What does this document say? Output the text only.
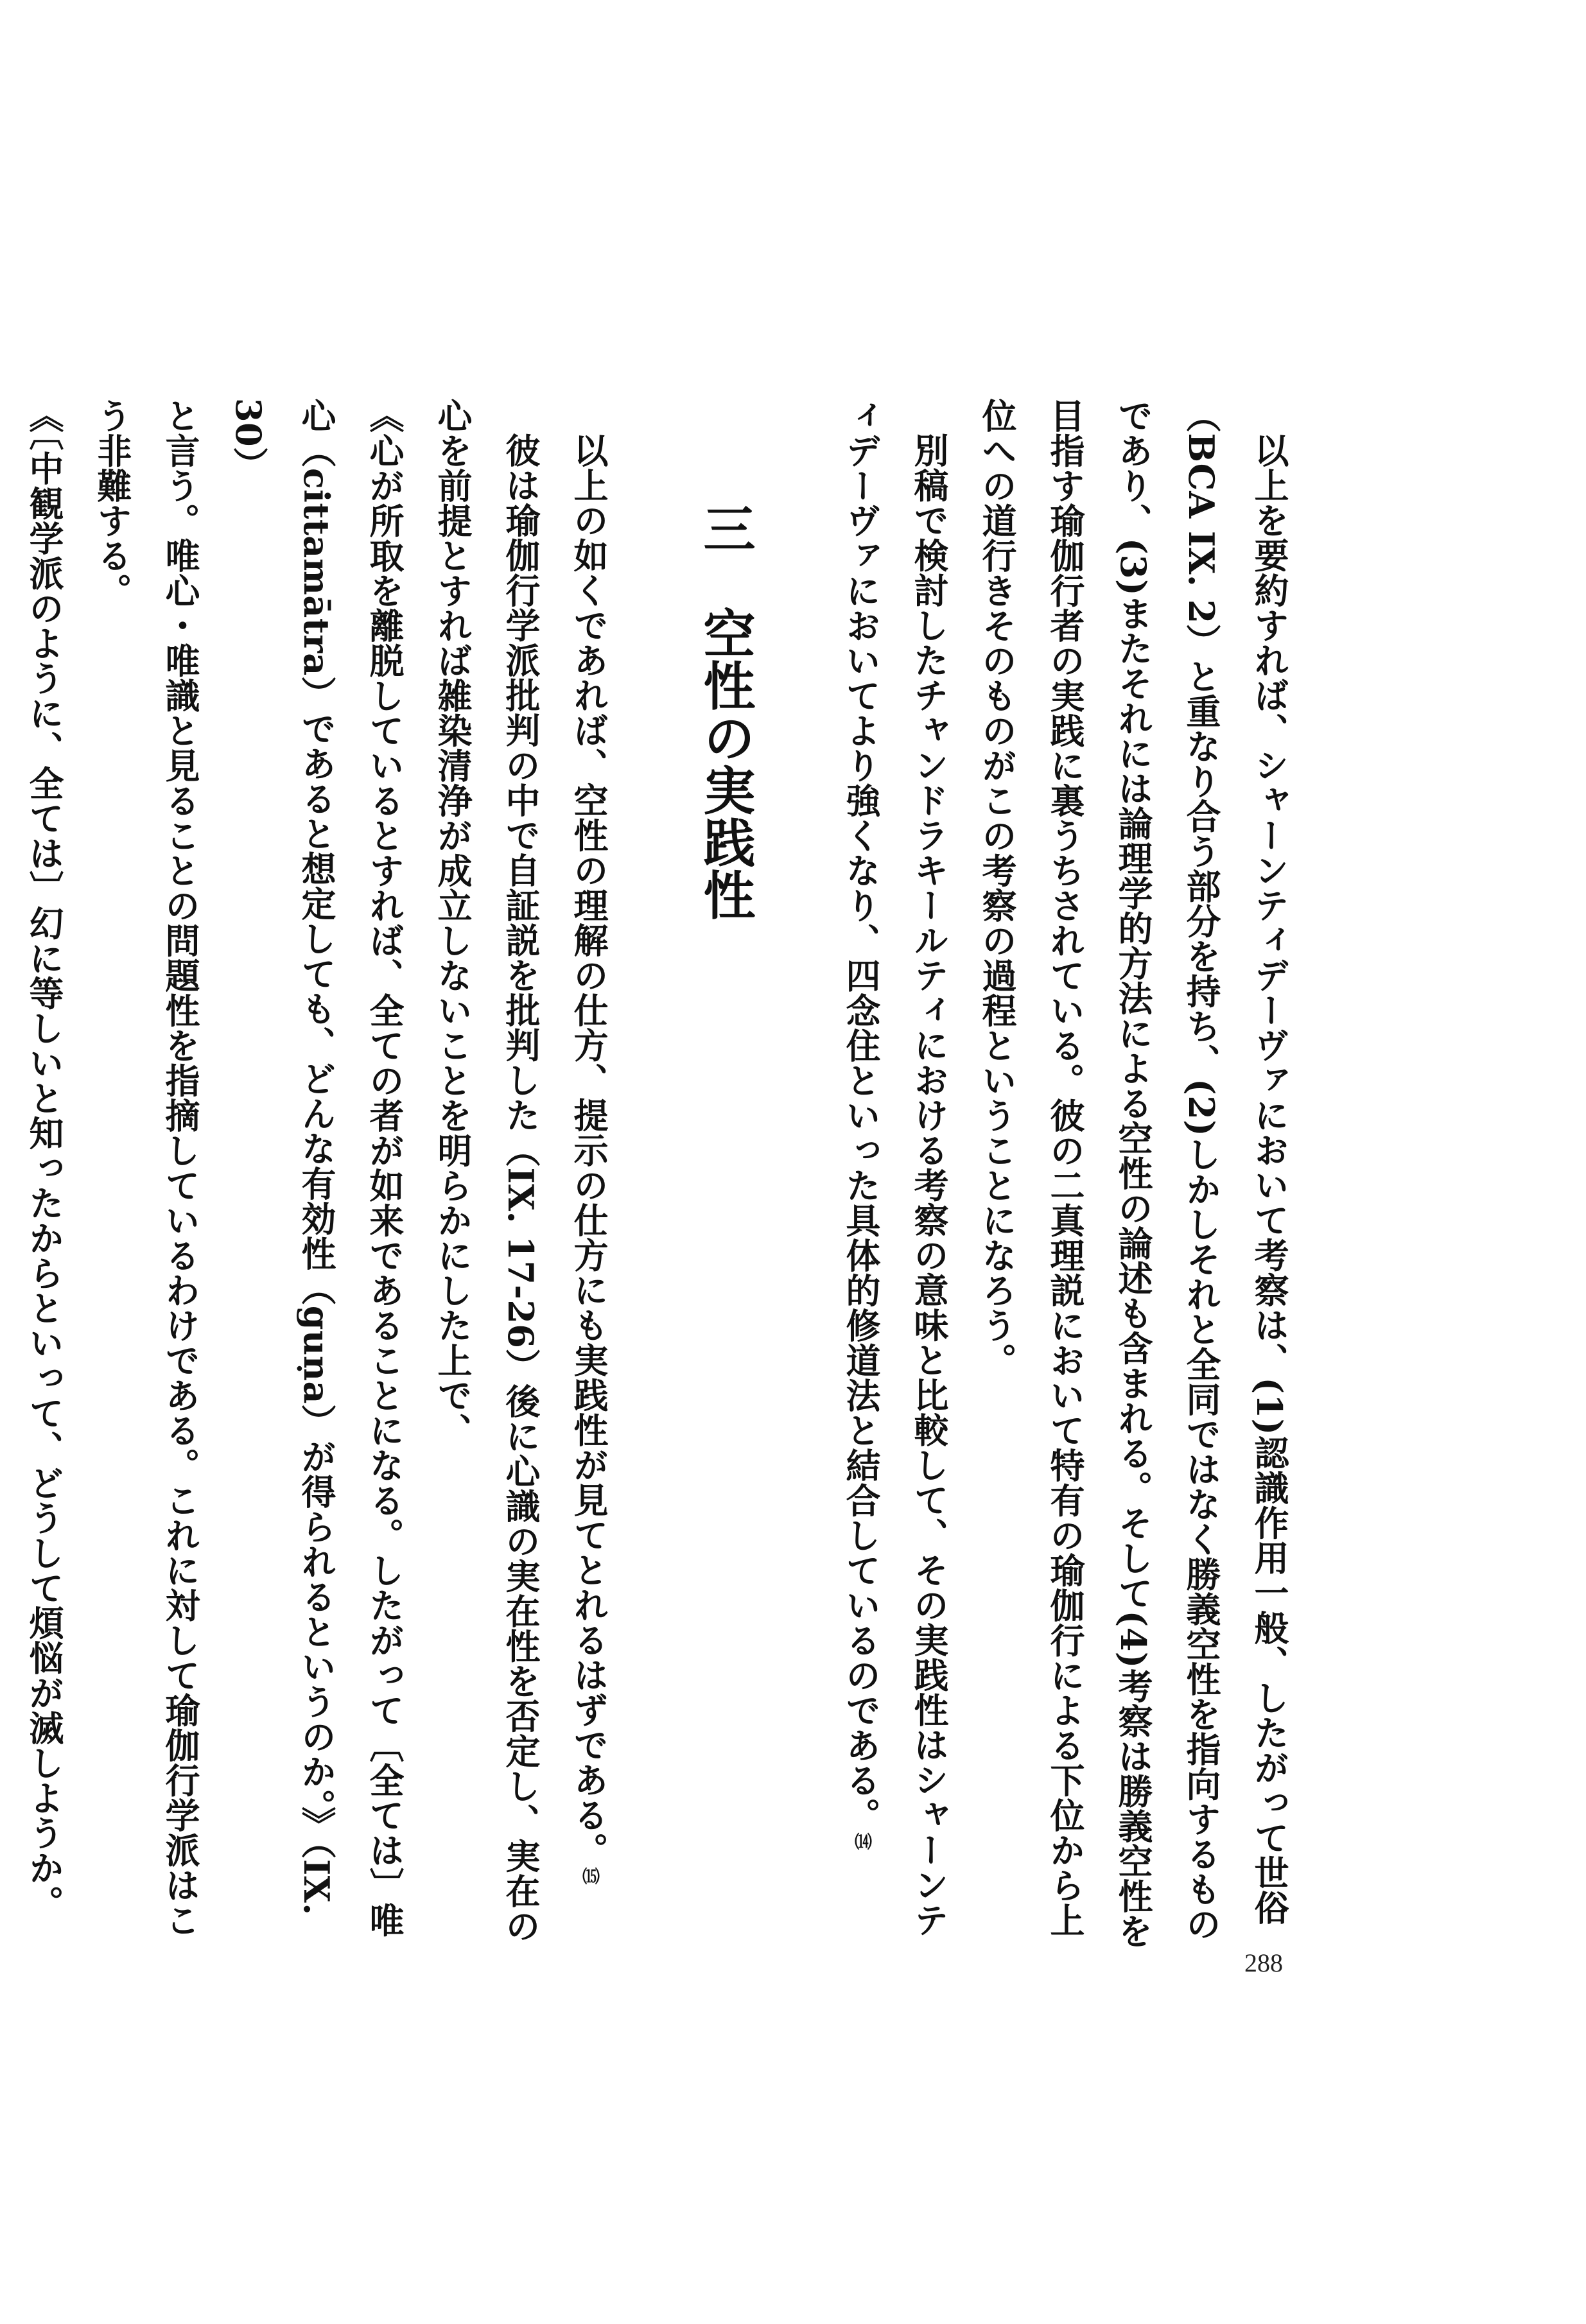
以上を要約すれば、シャーンティデーヴァにおいて考察は、(1)認識作用一般、したがって世俗（BCA IX. 2）と重なり合う部分を持ち、(2)しかしそれと全同ではなく勝義空性を指向するものであり、(3)またそれには論理学的方法による空性の論述も含まれる。そして(4)考察は勝義空性を目指す瑜伽行者の実践に裏うちされている。彼の二真理説において特有の瑜伽行による下位から上位への道行きそのものがこの考察の過程ということになろう。

別稿で検討したチャンドラキールティにおける考察の意味と比較して、その実践性はシャーンティデーヴァにおいてより強くなり、四念住といった具体的修道法と結合しているのである。⒁

三　空性の実践性

以上の如くであれば、空性の理解の仕方、提示の仕方にも実践性が見てとれるはずである。⒂

彼は瑜伽行学派批判の中で自証説を批判した（IX. 17-26）後に心識の実在性を否定し、実在の心を前提とすれば雑染清浄が成立しないことを明らかにした上で、

《心が所取を離脱しているとすれば、全ての者が如来であることになる。したがって〔全ては〕唯心（cittamātra）であると想定しても、どんな有効性（guṇa）が得られるというのか。》（IX. 30）

と言う。唯心・唯識と見ることの問題性を指摘しているわけである。これに対して瑜伽行学派はこう非難する。

《〔中観学派のように、全ては〕幻に等しいと知ったからといって、どうして煩悩が滅しようか。

288
